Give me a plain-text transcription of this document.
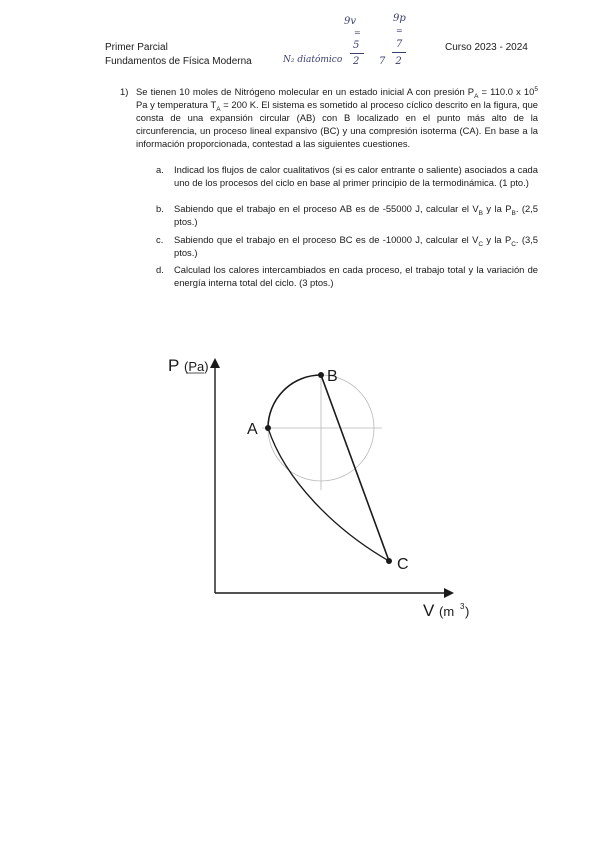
Primer Parcial
Fundamentos de Física Moderna
Curso 2023 - 2024
N₂ diatómico
9v
=
5
2
9p
=
7
7 2
1) Se tienen 10 moles de Nitrógeno molecular en un estado inicial A con presión $P_A = 110.0$ x $10^5$ Pa y temperatura $T_A = 200$ K. El sistema es sometido al proceso cíclico descrito en la figura, que consta de una expansión circular (AB) con B localizado en el punto más alto de la circunferencia, un proceso lineal expansivo (BC) y una compresión isoterma (CA). En base a la información proporcionada, contestad a las siguientes cuestiones.
a. Indicad los flujos de calor cualitativos (si es calor entrante o saliente) asociados a cada uno de los procesos del ciclo en base al primer principio de la termodinámica. (1 pto.)
b. Sabiendo que el trabajo en el proceso AB es de -55000 J, calcular el $V_B$ y la $P_B$. (2,5 ptos.)
c. Sabiendo que el trabajo en el proceso BC es de -10000 J, calcular el $V_C$ y la $P_C$. (3,5 ptos.)
d. Calculad los calores intercambiados en cada proceso, el trabajo total y la variación de energía interna total del ciclo. (3 ptos.)
A
B
C
P (Pa)
V (m 3 )
